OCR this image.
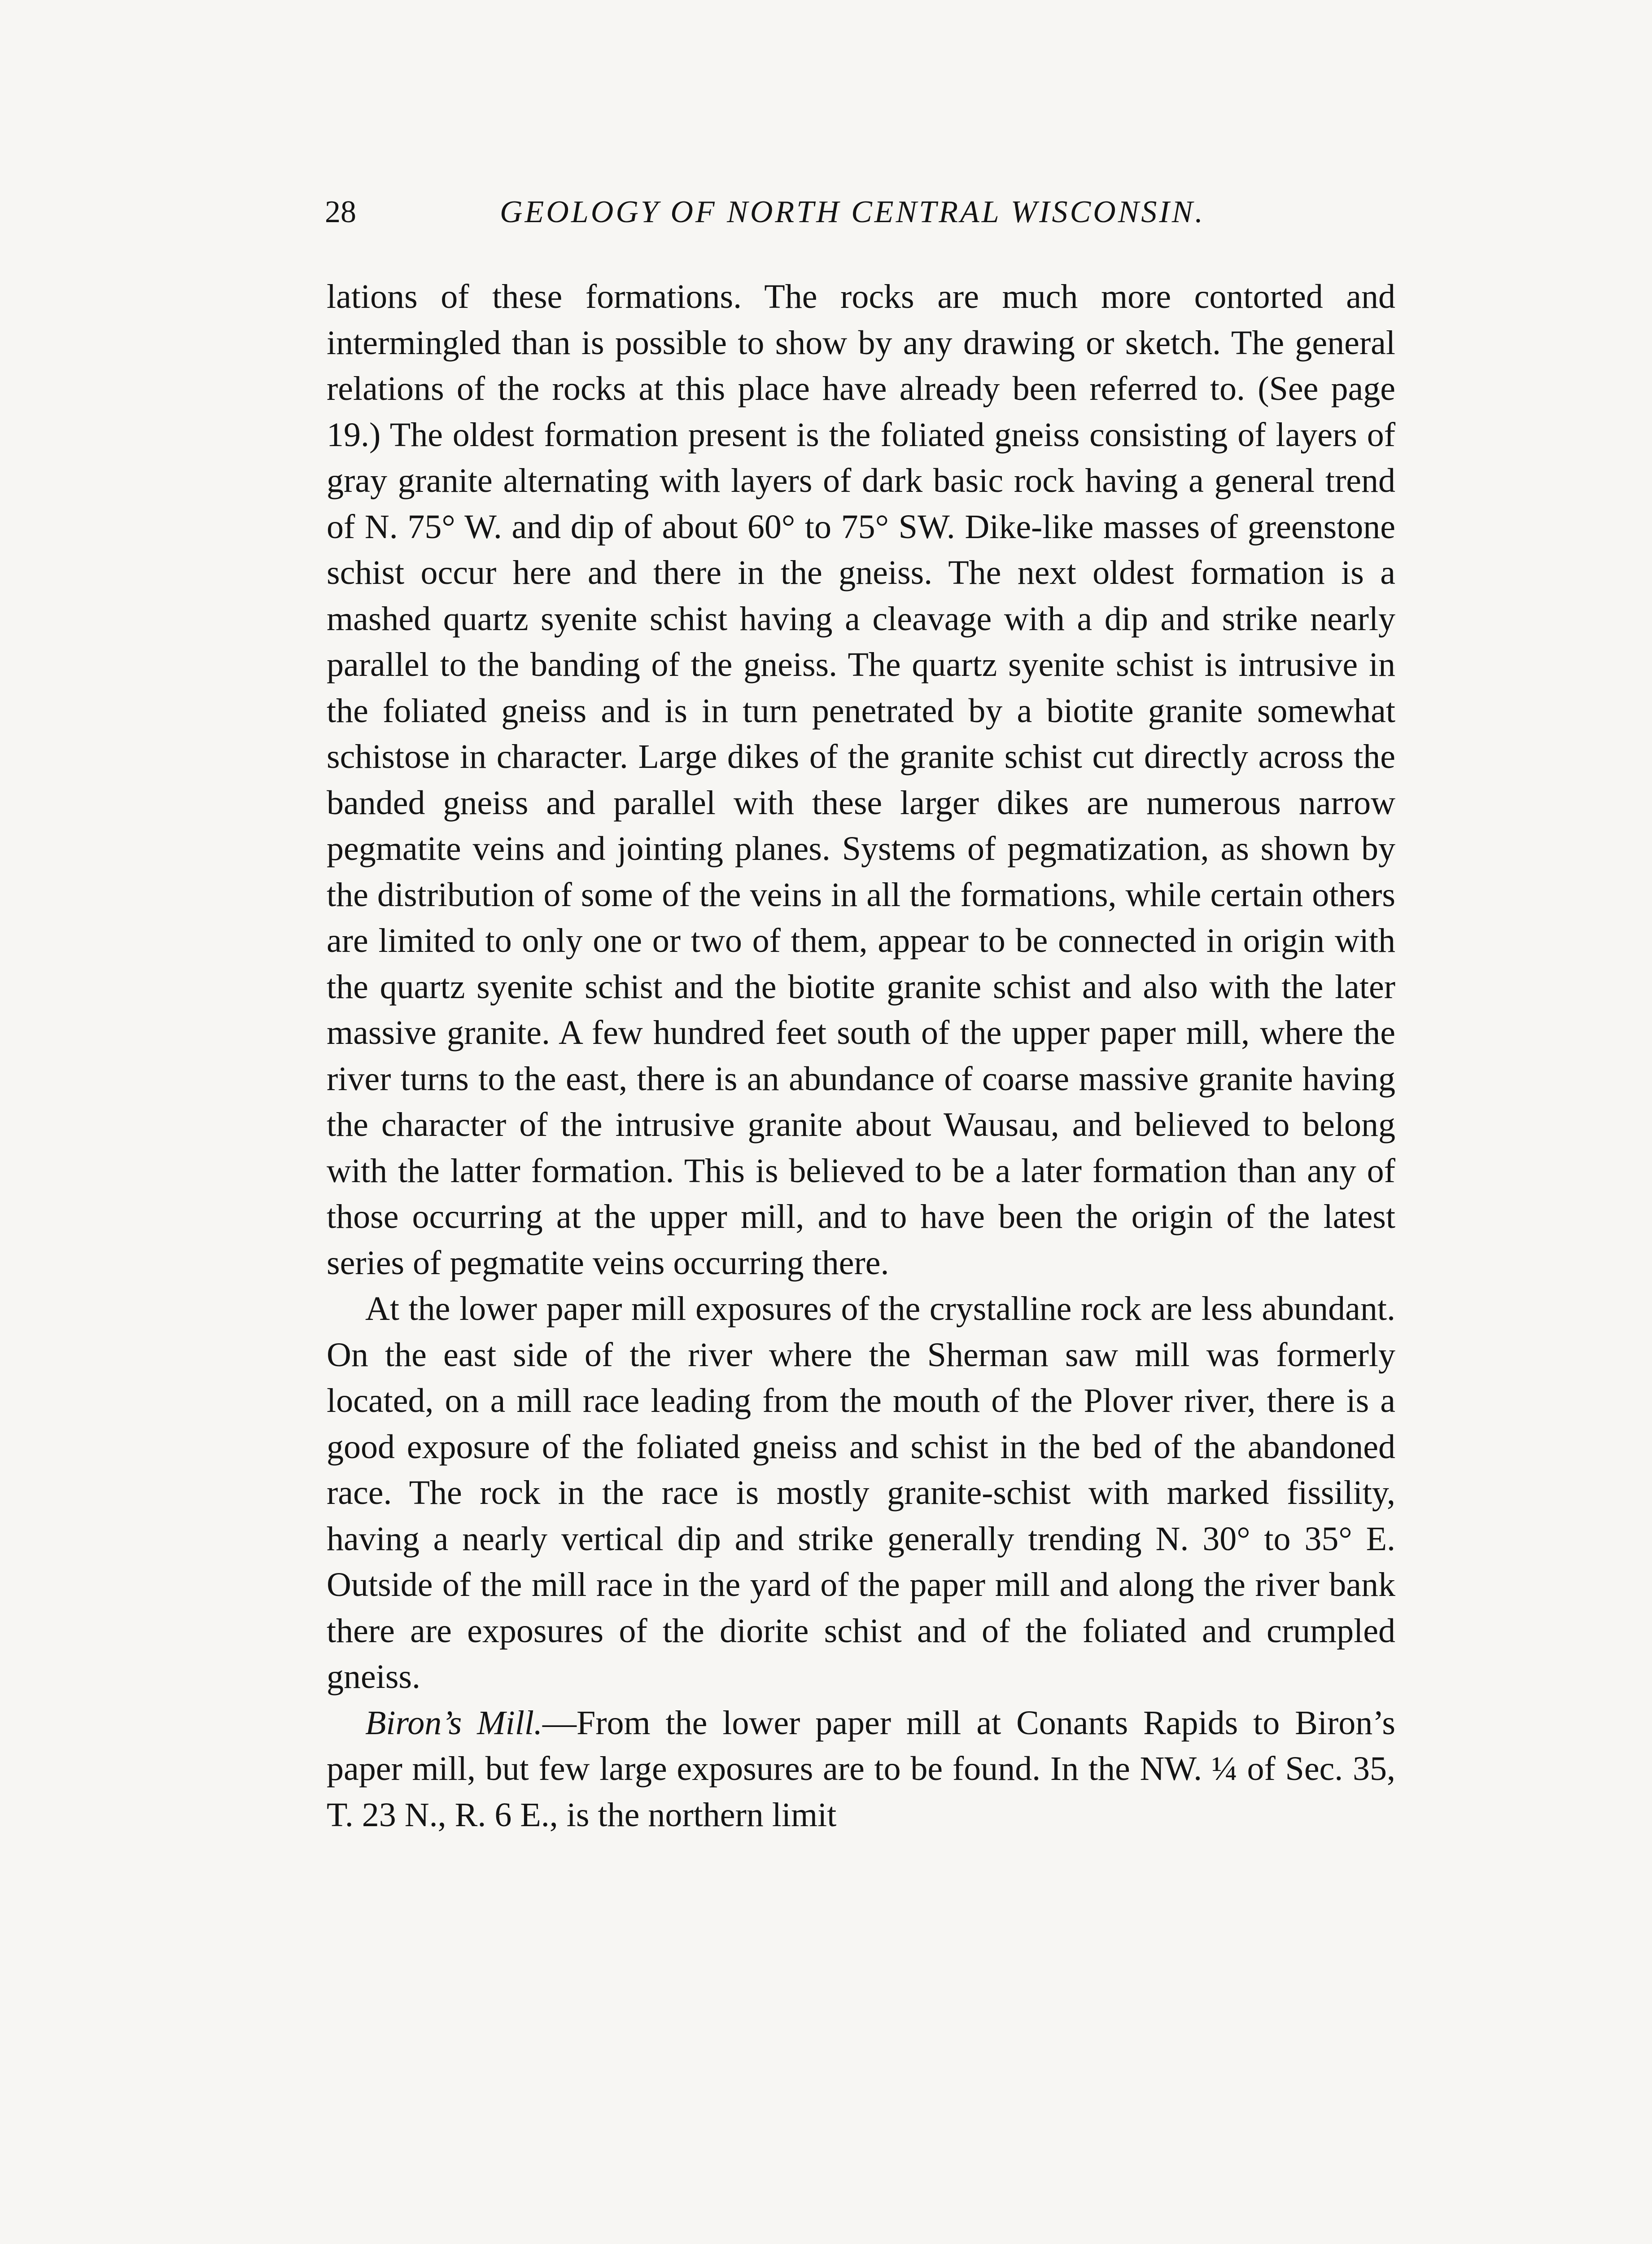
28	GEOLOGY OF NORTH CENTRAL WISCONSIN.

lations of these formations. The rocks are much more contorted and intermingled than is possible to show by any drawing or sketch. The general relations of the rocks at this place have already been referred to. (See page 19.) The oldest formation present is the foliated gneiss consisting of layers of gray granite alternating with layers of dark basic rock having a general trend of N. 75° W. and dip of about 60° to 75° SW. Dike-like masses of greenstone schist occur here and there in the gneiss. The next oldest formation is a mashed quartz syenite schist having a cleavage with a dip and strike nearly parallel to the banding of the gneiss. The quartz syenite schist is intrusive in the foliated gneiss and is in turn penetrated by a biotite granite somewhat schistose in character. Large dikes of the granite schist cut directly across the banded gneiss and parallel with these larger dikes are numerous narrow pegmatite veins and jointing planes. Systems of pegmatization, as shown by the distribution of some of the veins in all the formations, while certain others are limited to only one or two of them, appear to be connected in origin with the quartz syenite schist and the biotite granite schist and also with the later massive granite. A few hundred feet south of the upper paper mill, where the river turns to the east, there is an abundance of coarse massive granite having the character of the intrusive granite about Wausau, and believed to belong with the latter formation. This is believed to be a later formation than any of those occurring at the upper mill, and to have been the origin of the latest series of pegmatite veins occurring there.

At the lower paper mill exposures of the crystalline rock are less abundant. On the east side of the river where the Sherman saw mill was formerly located, on a mill race leading from the mouth of the Plover river, there is a good exposure of the foliated gneiss and schist in the bed of the abandoned race. The rock in the race is mostly granite-schist with marked fissility, having a nearly vertical dip and strike generally trending N. 30° to 35° E. Outside of the mill race in the yard of the paper mill and along the river bank there are exposures of the diorite schist and of the foliated and crumpled gneiss.

Biron’s Mill.—From the lower paper mill at Conants Rapids to Biron’s paper mill, but few large exposures are to be found. In the NW. ¼ of Sec. 35, T. 23 N., R. 6 E., is the northern limit
